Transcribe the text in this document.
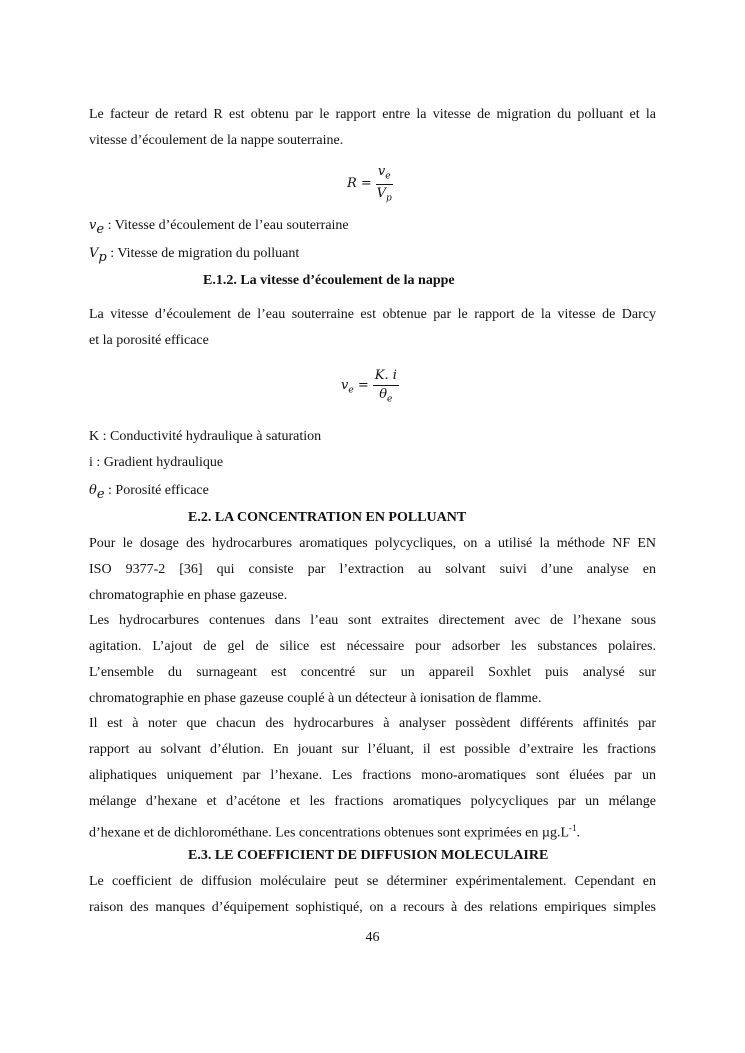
Le facteur de retard R est obtenu par le rapport entre la vitesse de migration du polluant et la
vitesse d’écoulement de la nappe souterraine.
$R = \frac{v_e}{V_p}$
$v_e$ : Vitesse d’écoulement de l’eau souterraine
$V_p$ : Vitesse de migration du polluant
E.1.2. La vitesse d’écoulement de la nappe
La vitesse d’écoulement de l’eau souterraine est obtenue par le rapport de la vitesse de Darcy
et la porosité efficace
$v_e = \frac{K. i}{\theta_e}$
K : Conductivité hydraulique à saturation
i : Gradient hydraulique
$\theta_e$ : Porosité efficace
E.2. LA CONCENTRATION EN POLLUANT
Pour le dosage des hydrocarbures aromatiques polycycliques, on a utilisé la méthode NF EN
ISO 9377-2 [36] qui consiste par l’extraction au solvant suivi d’une analyse en
chromatographie en phase gazeuse.
Les hydrocarbures contenues dans l’eau sont extraites directement avec de l’hexane sous
agitation. L’ajout de gel de silice est nécessaire pour adsorber les substances polaires.
L’ensemble du surnageant est concentré sur un appareil Soxhlet puis analysé sur
chromatographie en phase gazeuse couplé à un détecteur à ionisation de flamme.
Il est à noter que chacun des hydrocarbures à analyser possèdent différents affinités par
rapport au solvant d’élution. En jouant sur l’éluant, il est possible d’extraire les fractions
aliphatiques uniquement par l’hexane. Les fractions mono-aromatiques sont éluées par un
mélange d’hexane et d’acétone et les fractions aromatiques polycycliques par un mélange
d’hexane et de dichlorométhane. Les concentrations obtenues sont exprimées en $\mu g.L^{-1}$.
E.3. LE COEFFICIENT DE DIFFUSION MOLECULAIRE
Le coefficient de diffusion moléculaire peut se déterminer expérimentalement. Cependant en
raison des manques d’équipement sophistiqué, on a recours à des relations empiriques simples
46
